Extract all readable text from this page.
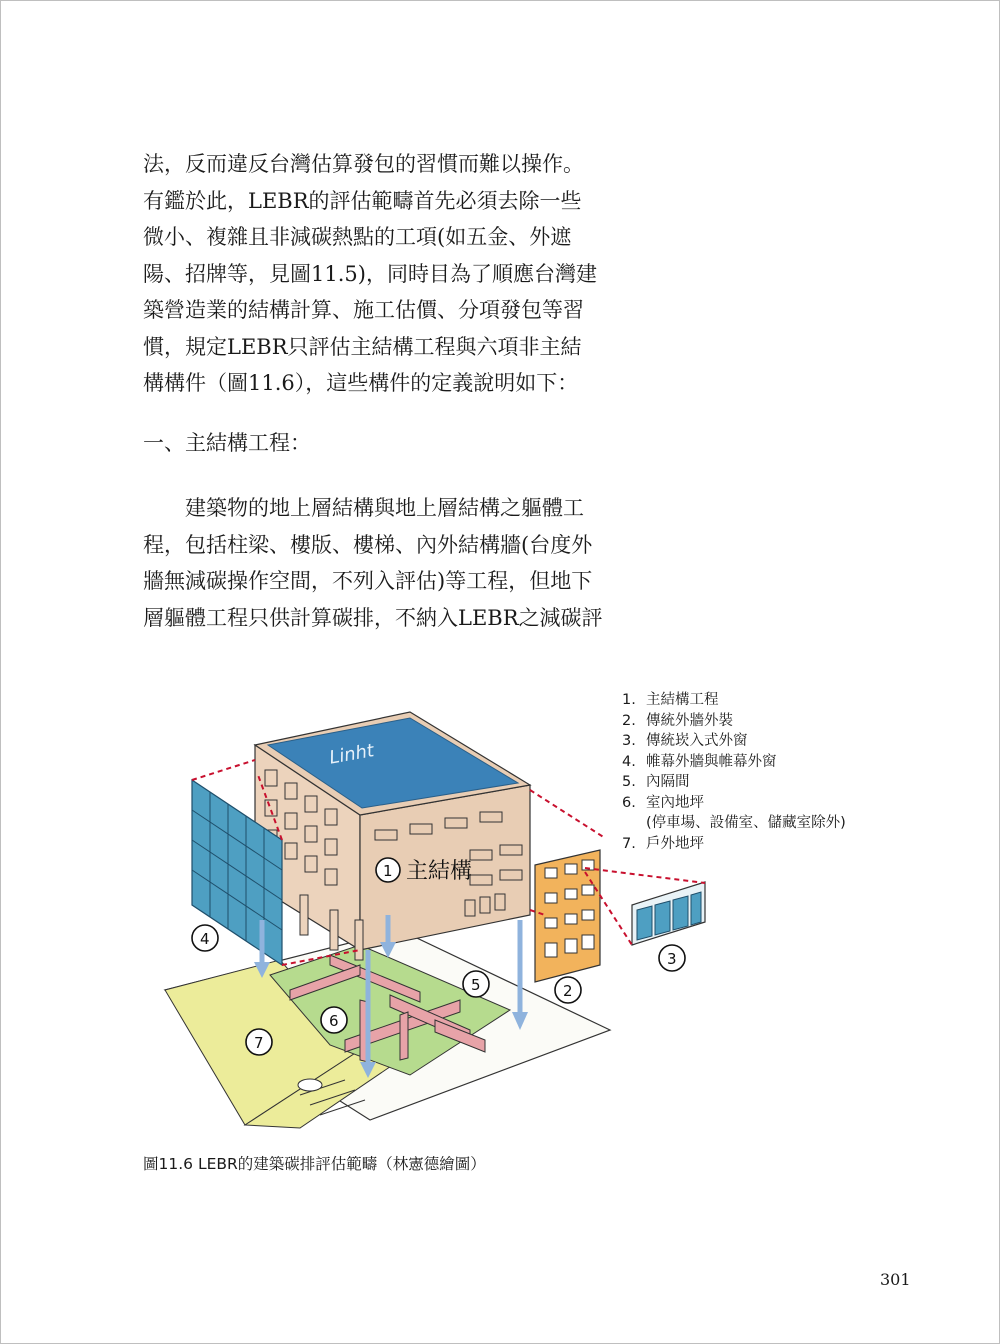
法，反而違反台灣估算發包的習慣而難以操作。
有鑑於此，LEBR的評估範疇首先必須去除一些
微小、複雜且非減碳熱點的工項(如五金、外遮
陽、招牌等，見圖11.5)，同時目為了順應台灣建
築營造業的結構計算、施工估價、分項發包等習
慣，規定LEBR只評估主結構工程與六項非主結
構構件（圖11.6），這些構件的定義說明如下：
一、主結構工程：
　　建築物的地上層結構與地上層結構之軀體工
程，包括柱梁、樓版、樓梯、內外結構牆(台度外
牆無減碳操作空間，不列入評估)等工程，但地下
層軀體工程只供計算碳排，不納入LEBR之減碳評
Linht
1 主結構
2
3
4
5
6
7
1. 主結構工程
2. 傳統外牆外裝
3. 傳統崁入式外窗
4. 帷幕外牆與帷幕外窗
5. 內隔間
6. 室內地坪
(停車場、設備室、儲藏室除外)
7. 戶外地坪
圖11.6 LEBR的建築碳排評估範疇（林憲德繪圖）
301
